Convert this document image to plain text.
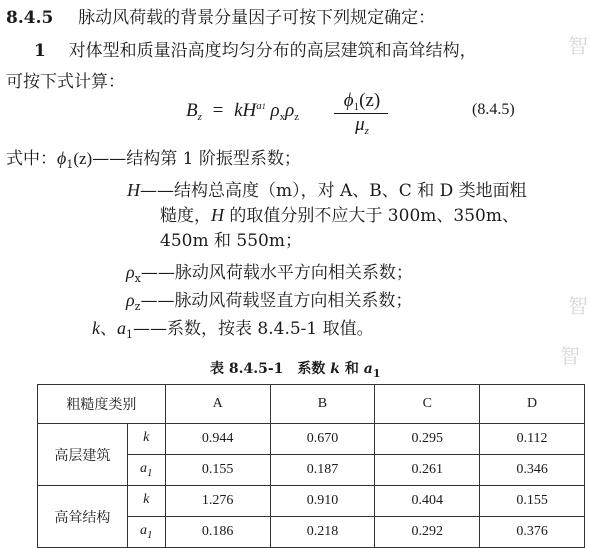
8.4.5 脉动风荷载的背景分量因子可按下列规定确定：
1 对体型和质量沿高度均匀分布的高层建筑和高耸结构，
可按下式计算：
$B_z = kH^{a1}$ $\rho_x\rho_z$
$\phi_1(z)$
$\mu_z$
(8.4.5)
式中：$\phi_1(z)——$结构第 1 阶振型系数；
H——结构总高度（m），对 A、B、C 和 D 类地面粗
糙度，H 的取值分别不应大于 300m、350m、
450m 和 550m；
$\rho_x——$脉动风荷载水平方向相关系数；
$\rho_z——$脉动风荷载竖直方向相关系数；
k、$a_1——$系数，按表 8.4.5-1 取值。
表 8.4.5-1　系数 k 和 $a_1$
粗糙度类别		A	B	C	D
高层建筑	k	0.944	0.670	0.295	0.112
	$a_1$	0.155	0.187	0.261	0.346
高耸结构	k	1.276	0.910	0.404	0.155
	$a_1$	0.186	0.218	0.292	0.376
智
智
智
